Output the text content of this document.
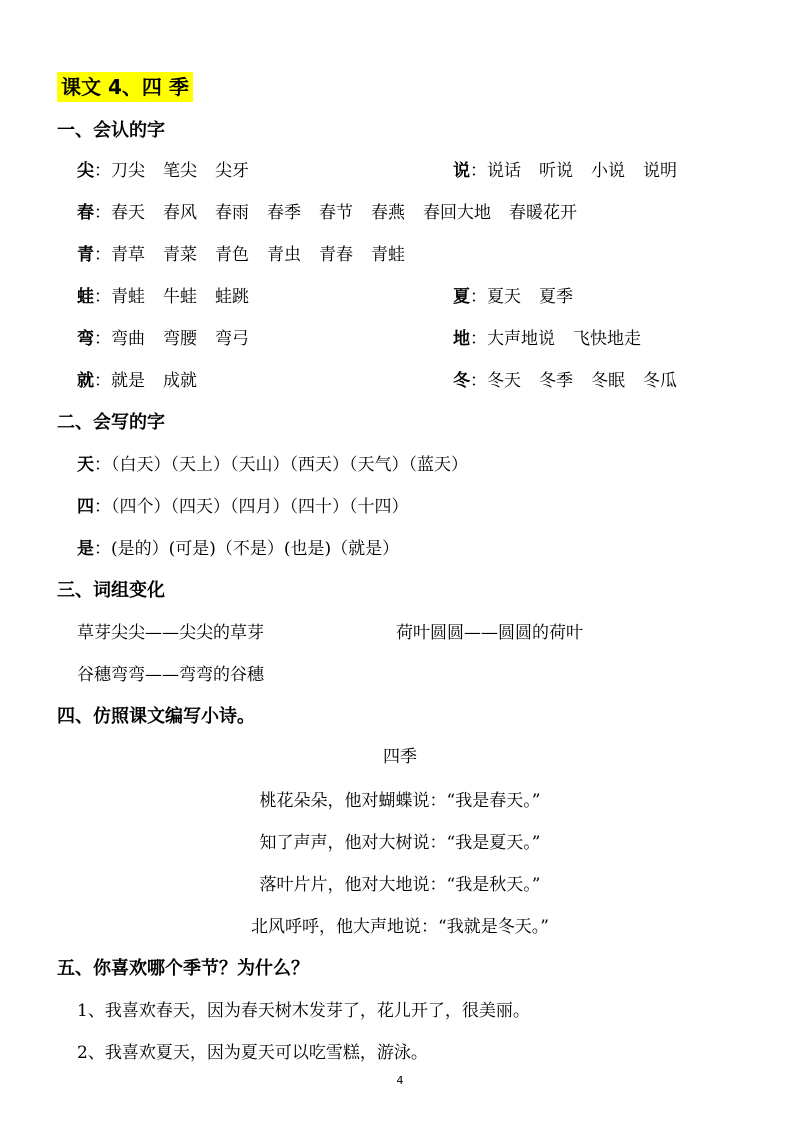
课文 4、四 季
一、会认的字
尖：刀尖 笔尖 尖牙
春：春天 春风 春雨 春季 春节 春燕 春回大地 春暖花开
青：青草 青菜 青色 青虫 青春 青蛙
蛙：青蛙 牛蛙 蛙跳
弯：弯曲 弯腰 弯弓
就：就是 成就
说：说话 听说 小说 说明
夏：夏天 夏季
地：大声地说 飞快地走
冬：冬天 冬季 冬眠 冬瓜
二、会写的字
天：（白天）（天上）（天山）（西天）（天气）（蓝天）
四：（四个）（四天）（四月）（四十）（十四）
是：(是的）(可是)（不是）(也是)（就是）
三、词组变化
草芽尖尖——尖尖的草芽	荷叶圆圆——圆圆的荷叶
谷穗弯弯——弯弯的谷穗
四、仿照课文编写小诗。
四季
桃花朵朵，他对蝴蝶说：“我是春天。”
知了声声，他对大树说：“我是夏天。”
落叶片片，他对大地说：“我是秋天。”
北风呼呼，他大声地说：“我就是冬天。”
五、你喜欢哪个季节？为什么？
1、我喜欢春天，因为春天树木发芽了，花儿开了，很美丽。
2、我喜欢夏天，因为夏天可以吃雪糕，游泳。
4
